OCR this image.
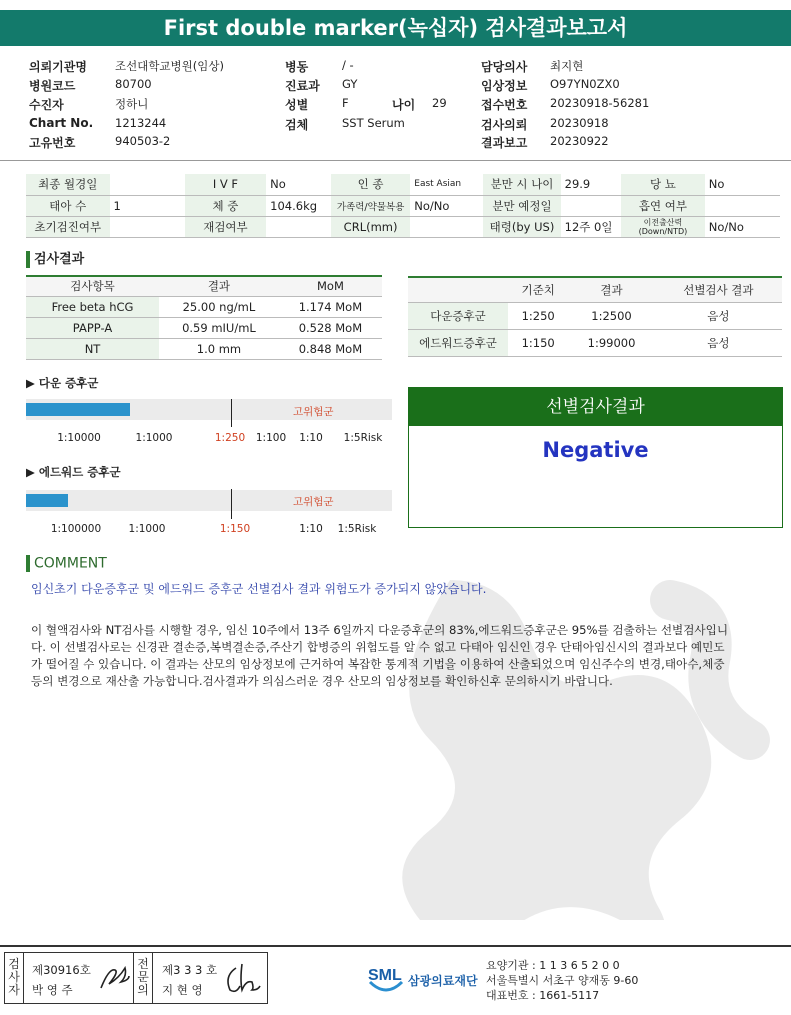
First double marker(녹십자) 검사결과보고서
의뢰기관명 조선대학교병원(임상)
병원코드	80700
수진자	정하니
Chart No. 1213244
고유번호	940503-2
병동	/ -
진료과 GY
성별	F	나이 29
검체	SST Serum
담당의사 최지현
임상정보 O97YN0ZX0
접수번호 20230918-56281
검사의뢰 20230918
결과보고 20230922
최종 월경일		I V F	No	인 종	East Asian	분만 시 나이	29.9	당 뇨	No
태아 수	1	체 중	104.6kg	가족력/약물복용	No/No	분만 예정일		흡연 여부	
초기검진여부		재검여부		CRL(mm)		태령(by US)	12주 0일	이전출산력 (Down/NTD)	No/No
검사결과
검사항목	결과	MoM
Free beta hCG	25.00 ng/mL	1.174 MoM
PAPP-A	0.59 mIU/mL	0.528 MoM
NT	1.0 mm	0.848 MoM
	기준치	결과	선별검사 결과
다운증후군	1:250	1:2500	음성
에드워드증후군	1:150	1:99000	음성
▶ 다운 증후군
고위험군
1:10000	1:1000	1:250 1:100 1:10 1:5Risk
▶ 에드워드 증후군
고위험군
1:100000	1:1000	1:150	1:10 1:5Risk
선별검사결과
Negative
COMMENT
임신초기 다운증후군 및 에드워드 증후군 선별검사 결과 위험도가 증가되지 않았습니다.
이 혈액검사와 NT검사를 시행할 경우, 임신 10주에서 13주 6일까지 다운증후군의 83%,에드워드증후군은 95%를 검출하는 선별검사입니
다. 이 선별검사로는 신경관 결손증,복벽결손증,주산기 합병증의 위험도를 알 수 없고 다태아 임신인 경우 단태아임신시의 결과보다 예민도
가 떨어질 수 있습니다. 이 결과는 산모의 임상정보에 근거하여 복잡한 통계적 기법을 이용하여 산출되었으며 임신주수의 변경,태아수,체중
등의 변경으로 재산출 가능합니다.검사결과가 의심스러운 경우 산모의 임상정보를 확인하신후 문의하시기 바랍니다.
검사자
제30916호
박 영 주
전문의
제3 3 3 호
지 현 영
SML 삼광의료재단
요양기관 : 1 1 3 6 5 2 0 0
서울특별시 서초구 양재동 9-60
대표번호 : 1661-5117
